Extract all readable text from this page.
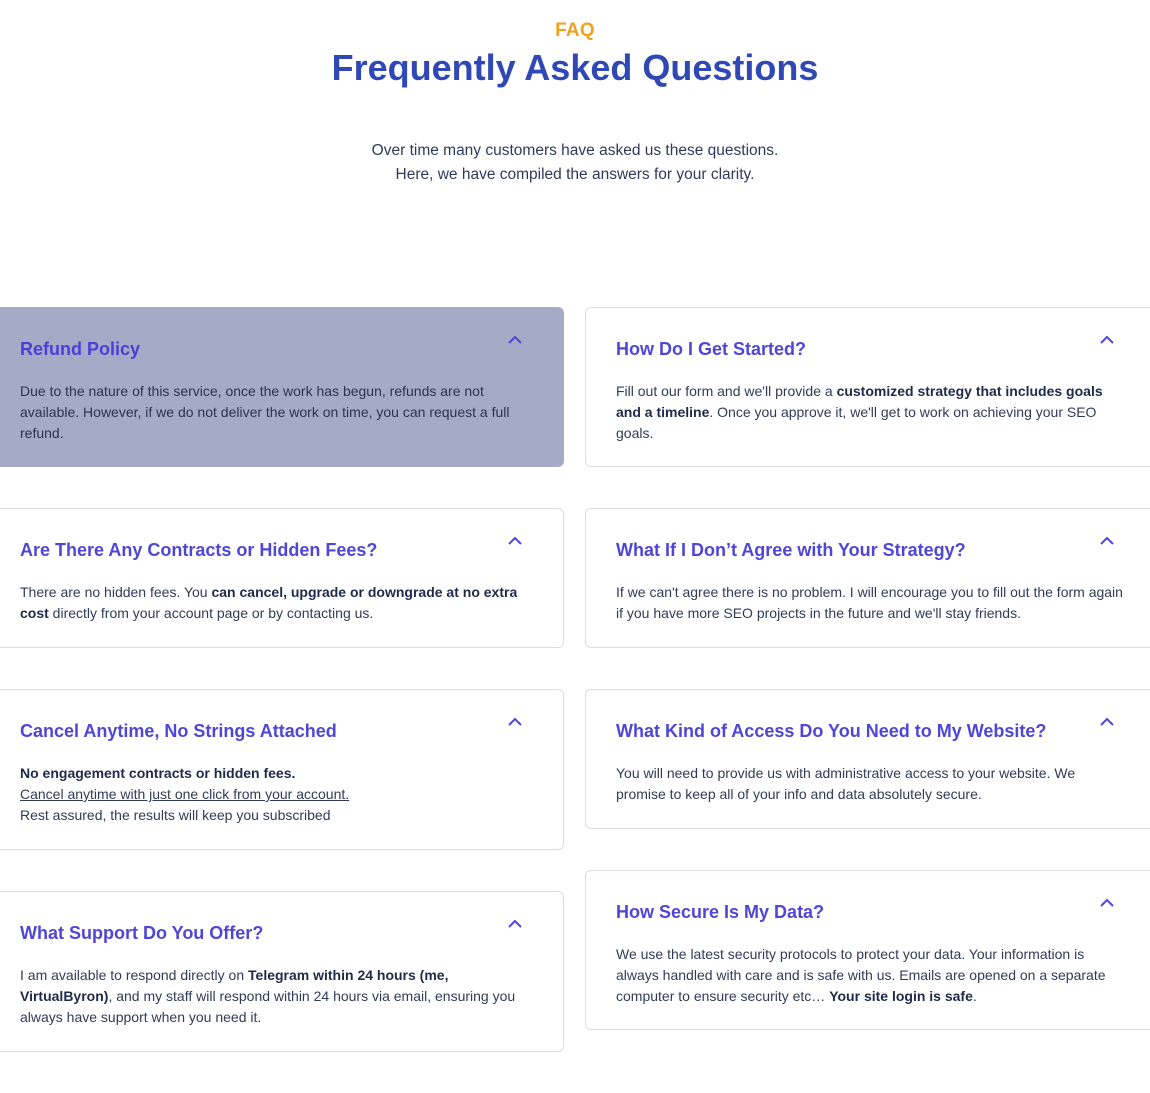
FAQ
Frequently Asked Questions
Over time many customers have asked us these questions.
Here, we have compiled the answers for your clarity.
Refund Policy
Due to the nature of this service, once the work has begun, refunds are not available. However, if we do not deliver the work on time, you can request a full refund.
Are There Any Contracts or Hidden Fees?
There are no hidden fees. You can cancel, upgrade or downgrade at no extra cost directly from your account page or by contacting us.
Cancel Anytime, No Strings Attached
No engagement contracts or hidden fees.
Cancel anytime with just one click from your account.
Rest assured, the results will keep you subscribed
What Support Do You Offer?
I am available to respond directly on Telegram within 24 hours (me, VirtualByron), and my staff will respond within 24 hours via email, ensuring you always have support when you need it.
How Do I Get Started?
Fill out our form and we'll provide a customized strategy that includes goals and a timeline. Once you approve it, we'll get to work on achieving your SEO goals.
What If I Don’t Agree with Your Strategy?
If we can't agree there is no problem. I will encourage you to fill out the form again if you have more SEO projects in the future and we'll stay friends.
What Kind of Access Do You Need to My Website?
You will need to provide us with administrative access to your website. We promise to keep all of your info and data absolutely secure.
How Secure Is My Data?
We use the latest security protocols to protect your data. Your information is always handled with care and is safe with us. Emails are opened on a separate computer to ensure security etc… Your site login is safe.
